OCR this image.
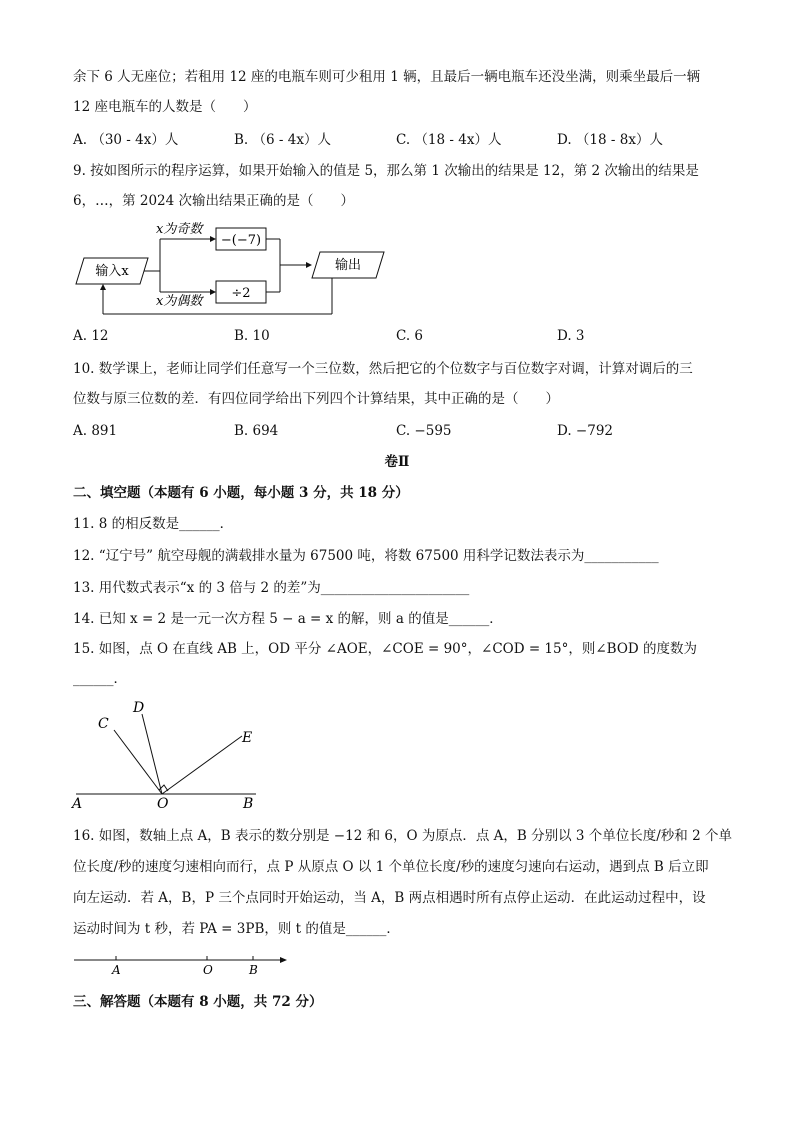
余下 6 人无座位；若租用 12 座的电瓶车则可少租用 1 辆，且最后一辆电瓶车还没坐满，则乘坐最后一辆
12 座电瓶车的人数是（　　）
A. （30 - 4x）人	B. （6 - 4x）人	C. （18 - 4x）人	D. （18 - 8x）人
9. 按如图所示的程序运算，如果开始输入的值是 5，那么第 1 次输出的结果是 12，第 2 次输出的结果是
6，…，第 2024 次输出结果正确的是（　　）
输入x
x为奇数
x为偶数
−(−7)
÷2
输出
A. 12	B. 10	C. 6	D. 3
10. 数学课上，老师让同学们任意写一个三位数，然后把它的个位数字与百位数字对调，计算对调后的三
位数与原三位数的差．有四位同学给出下列四个计算结果，其中正确的是（　　）
A. 891	B. 694	C. −595	D. −792
卷Ⅱ
二、填空题（本题有 6 小题，每小题 3 分，共 18 分）
11. 8 的相反数是______．
12. “辽宁号” 航空母舰的满载排水量为 67500 吨，将数 67500 用科学记数法表示为___________
13. 用代数式表示“x 的 3 倍与 2 的差”为______________________
14. 已知 x = 2 是一元一次方程 5 − a = x 的解，则 a 的值是______．
15. 如图，点 O 在直线 AB 上，OD 平分 ∠AOE，∠COE = 90°，∠COD = 15°，则∠BOD 的度数为
______．
C
D
E
A	O	B
16. 如图，数轴上点 A，B 表示的数分别是 −12 和 6，O 为原点．点 A，B 分别以 3 个单位长度/秒和 2 个单
位长度/秒的速度匀速相向而行，点 P 从原点 O 以 1 个单位长度/秒的速度匀速向右运动，遇到点 B 后立即
向左运动．若 A，B，P 三个点同时开始运动，当 A，B 两点相遇时所有点停止运动．在此运动过程中，设
运动时间为 t 秒，若 PA = 3PB，则 t 的值是______．
A	O	B
三、解答题（本题有 8 小题，共 72 分）
